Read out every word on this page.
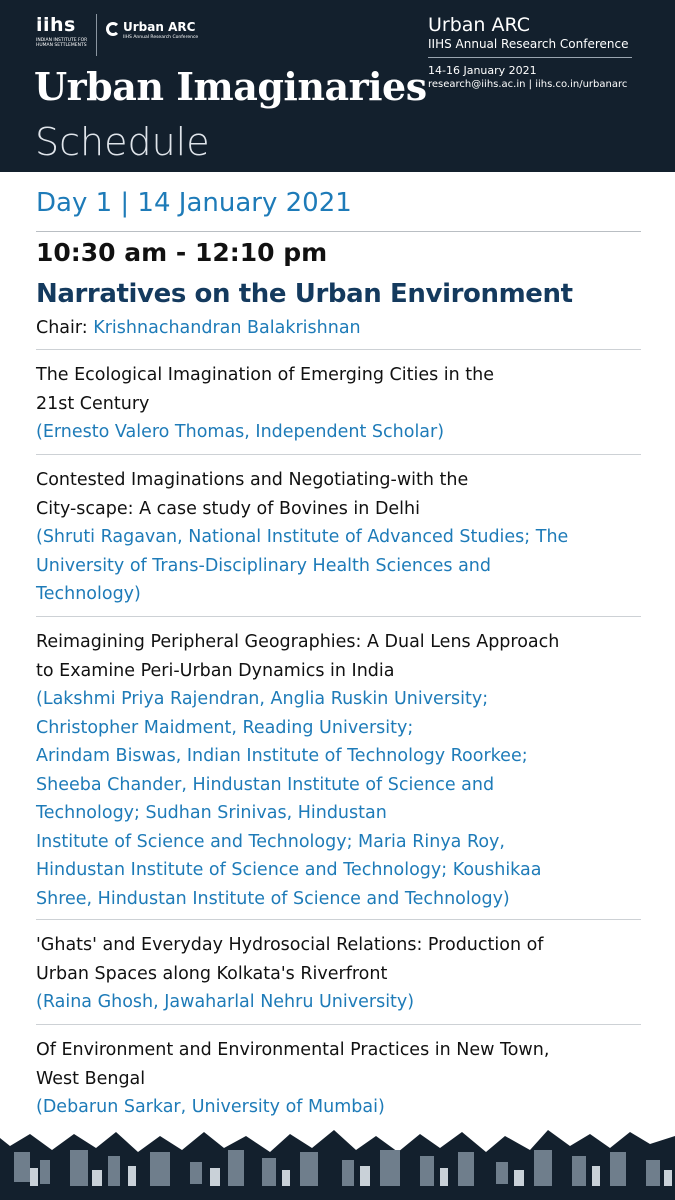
iihs
INDIAN INSTITUTE FOR HUMAN SETTLEMENTS
Urban ARC
IIHS Annual Research Conference
Urban Imaginaries
Schedule
Urban ARC
IIHS Annual Research Conference
14-16 January 2021
research@iihs.ac.in | iihs.co.in/urbanarc
Day 1 | 14 January 2021
10:30 am - 12:10 pm
Narratives on the Urban Environment
Chair: Krishnachandran Balakrishnan
The Ecological Imagination of Emerging Cities in the
21st Century
(Ernesto Valero Thomas, Independent Scholar)
Contested Imaginations and Negotiating-with the
City-scape: A case study of Bovines in Delhi
(Shruti Ragavan, National Institute of Advanced Studies; The
University of Trans-Disciplinary Health Sciences and
Technology)
Reimagining Peripheral Geographies: A Dual Lens Approach
to Examine Peri-Urban Dynamics in India
(Lakshmi Priya Rajendran, Anglia Ruskin University;
Christopher Maidment, Reading University;
Arindam Biswas, Indian Institute of Technology Roorkee;
Sheeba Chander, Hindustan Institute of Science and
Technology; Sudhan Srinivas, Hindustan
Institute of Science and Technology; Maria Rinya Roy,
Hindustan Institute of Science and Technology; Koushikaa
Shree, Hindustan Institute of Science and Technology)
'Ghats' and Everyday Hydrosocial Relations: Production of
Urban Spaces along Kolkata's Riverfront
(Raina Ghosh, Jawaharlal Nehru University)
Of Environment and Environmental Practices in New Town,
West Bengal
(Debarun Sarkar, University of Mumbai)
